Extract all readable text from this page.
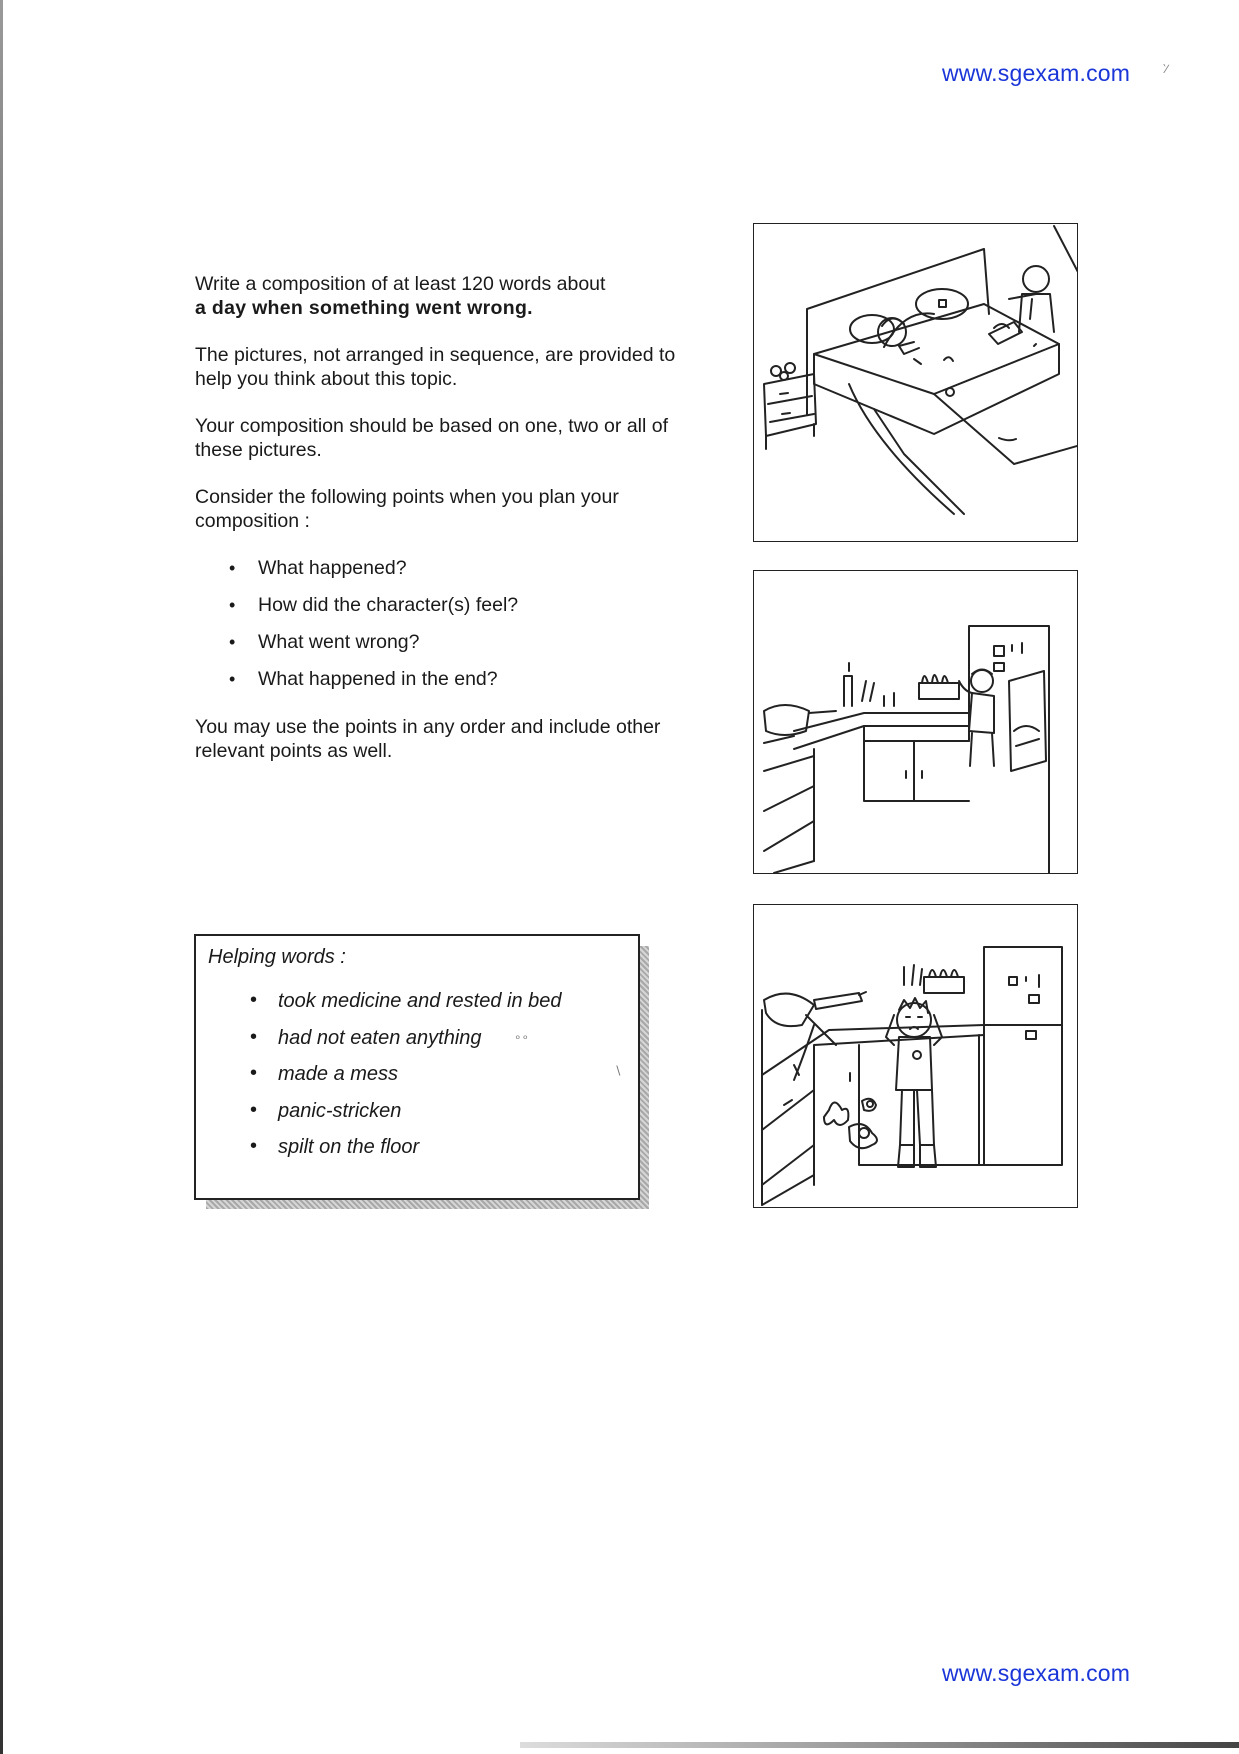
www.sgexam.com
www.sgexam.com

Write a composition of at least 120 words about
a day when something went wrong.

The pictures, not arranged in sequence, are provided to help you think about this topic.

Your composition should be based on one, two or all of these pictures.

Consider the following points when you plan your composition :

• What happened?
• How did the character(s) feel?
• What went wrong?
• What happened in the end?

You may use the points in any order and include other relevant points as well.

Helping words :
• took medicine and rested in bed
• had not eaten anything
• made a mess
• panic-stricken
• spilt on the floor
∘∘
‵∕
∖
